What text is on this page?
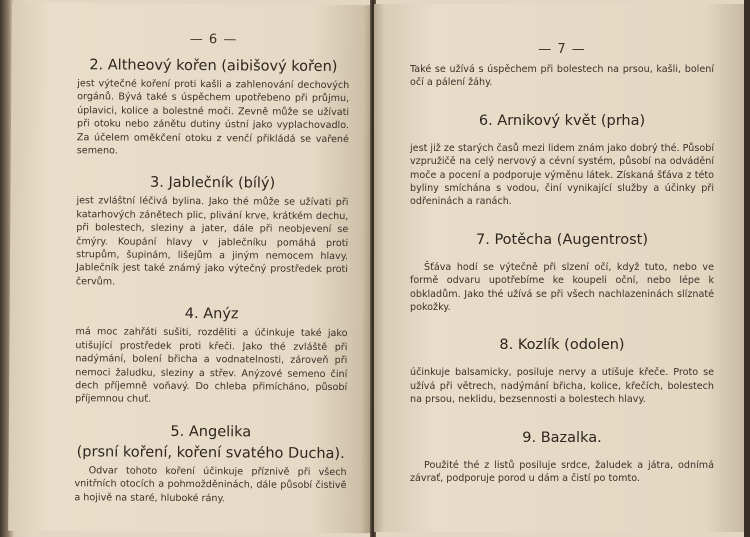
— 6 —
2. Altheový kořen (aibišový kořen)

jest výtečné koření proti kašli a zahlenování dechových orgánů. Bývá také s úspěchem upotřebeno při průjmu, úplavici, kolice a bolestné moči. Zevně může se užívati při otoku nebo zánětu dutiny ústní jako vyplachovadlo. Za účelem oměkčení otoku z venčí přikládá se vařené semeno.

3. Jablečník (bílý)

jest zvláštní léčivá bylina. Jako thé může se užívati při katarhových zánětech plic, plivání krve, krátkém dechu, při bolestech, sleziny a jater, dále při neobjevení se čmýry. Koupání hlavy v jablečníku pomáhá proti strupům, šupinám, lišejům a jiným nemocem hlavy. Jablečník jest také známý jako výtečný prostředek proti červům.

4. Anýz

má moc zahřáti sušiti, rozděliti a účinkuje také jako utišující prostředek proti křeči. Jako thé zvláště při nadýmání, bolení břicha a vodnatelnosti, zároveň při nemoci žaludku, sleziny a střev. Anýzové semeno činí dech příjemně voňavý. Do chleba přimícháno, působí příjemnou chuť.

5. Angelika
(prsní koření, koření svatého Ducha).

Odvar tohoto koření účinkuje příznivě při všech vnitřních otocích a pohmožděninách, dále působí čistivě a hojivě na staré, hluboké rány.

— 7 —

Také se užívá s úspěchem při bolestech na prsou, kašli, bolení očí a pálení žáhy.

6. Arnikový květ (prha)

jest již ze starých časů mezi lidem znám jako dobrý thé. Působí vzpružičě na celý nervový a cévní systém, působí na odvádění moče a pocení a podporuje výměnu látek. Získaná šťáva z této byliny smíchána s vodou, činí vynikající služby a účinky při odřeninách a ranách.

7. Potěcha (Augentrost)

Šťáva hodí se výtečně při slzení očí, když tuto, nebo ve formě odvaru upotřebíme ke koupeli oční, nebo lépe k obkladům. Jako thé užívá se při všech nachlazeninách slíznaté pokožky.

8. Kozlík (odolen)

účinkuje balsamicky, posiluje nervy a utišuje křeče. Proto se užívá při větrech, nadýmání břicha, kolice, křečích, bolestech na prsou, neklidu, bezsennosti a bolestech hlavy.

9. Bazalka.

Použité thé z listů posiluje srdce, žaludek a játra, odnímá závrať, podporuje porod u dám a čistí po tomto.
